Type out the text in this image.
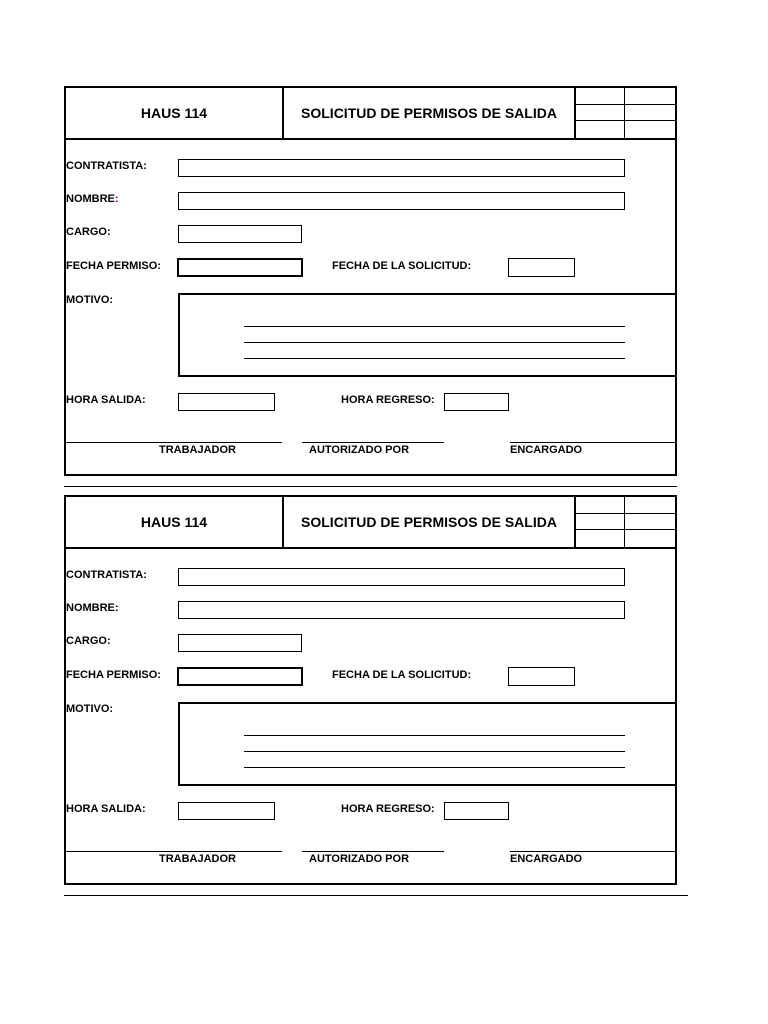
HAUS 114	SOLICITUD DE PERMISOS DE SALIDA
CONTRATISTA:
NOMBRE:
CARGO:
FECHA PERMISO:	FECHA DE LA SOLICITUD:
MOTIVO:
HORA SALIDA:	HORA REGRESO:
TRABAJADOR	AUTORIZADO POR	ENCARGADO
HAUS 114	SOLICITUD DE PERMISOS DE SALIDA
CONTRATISTA:
NOMBRE:
CARGO:
FECHA PERMISO:	FECHA DE LA SOLICITUD:
MOTIVO:
HORA SALIDA:	HORA REGRESO:
TRABAJADOR	AUTORIZADO POR	ENCARGADO
